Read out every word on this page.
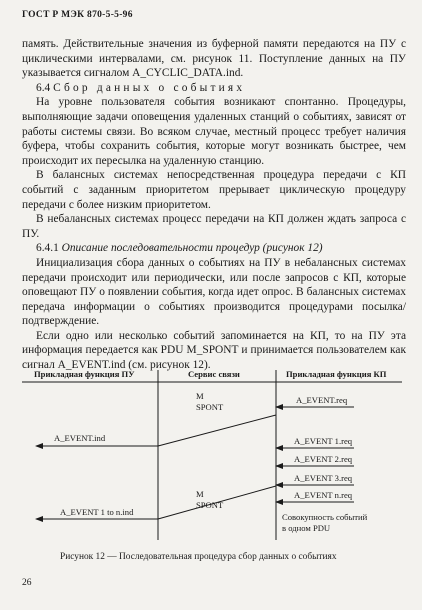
ГОСТ Р МЭК 870-5-5-96

память. Действительные значения из буферной памяти передаются на ПУ с циклическими интервалами, см. рисунок 11. Поступление данных на ПУ указывается сигналом A_CYCLIC_DATA.ind.

6.4 Сбор данных о событиях

На уровне пользователя события возникают спонтанно. Процедуры, выполняющие задачи оповещения удаленных станций о событиях, зависят от работы системы связи. Во всяком случае, местный процесс требует наличия буфера, чтобы сохранить события, которые могут возникать быстрее, чем происходит их пересылка на удаленную станцию.

В балансных системах непосредственная процедура передачи с КП событий с заданным приоритетом прерывает циклическую процедуру передачи с более низким приоритетом.

В небалансных системах процесс передачи на КП должен ждать запроса с ПУ.

6.4.1 Описание последовательности процедур (рисунок 12)

Инициализация сбора данных о событиях на ПУ в небалансных системах передачи происходит или периодически, или после запросов с КП, которые оповещают ПУ о появлении события, когда идет опрос. В балансных системах передача информации о событиях производится процедурами посылка/подтверждение.

Если одно или несколько событий запоминается на КП, то на ПУ эта информация передается как PDU M_SPONT и принимается пользователем как сигнал A_EVENT.ind (см. рисунок 12).

Прикладная функция ПУ	Сервис связи	Прикладная функция КП
M
SPONT
M
SPONT
A_EVENT.req
A_EVENT.ind	A_EVENT 1.req
A_EVENT 2.req
A_EVENT 3.req
A_EVENT n.req
A_EVENT 1 to n.ind	Совокупность событий
в одном PDU
Рисунок 12 — Последовательная процедура сбор данных о событиях
26
